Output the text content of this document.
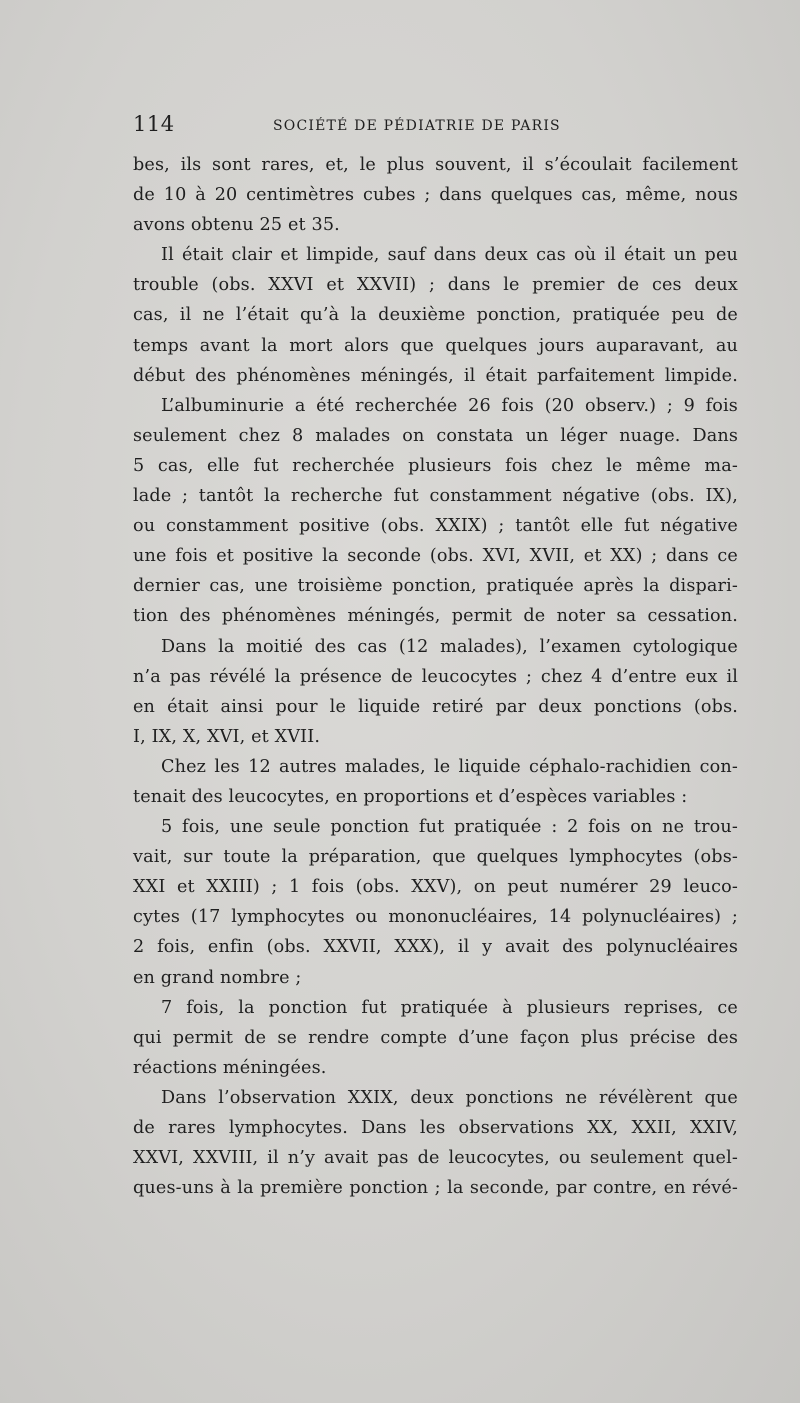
114	SOCIÉTÉ DE PÉDIATRIE DE PARIS
bes, ils sont rares, et, le plus souvent, il s’écoulait facilement
de 10 à 20 centimètres cubes ; dans quelques cas, même, nous
avons obtenu 25 et 35.
Il était clair et limpide, sauf dans deux cas où il était un peu
trouble (obs. XXVI et XXVII) ; dans le premier de ces deux
cas, il ne l’était qu’à la deuxième ponction, pratiquée peu de
temps avant la mort alors que quelques jours auparavant, au
début des phénomènes méningés, il était parfaitement limpide.
L’albuminurie a été recherchée 26 fois (20 observ.) ; 9 fois
seulement chez 8 malades on constata un léger nuage. Dans
5 cas, elle fut recherchée plusieurs fois chez le même ma-
lade ; tantôt la recherche fut constamment négative (obs. IX),
ou constamment positive (obs. XXIX) ; tantôt elle fut négative
une fois et positive la seconde (obs. XVI, XVII, et XX) ; dans ce
dernier cas, une troisième ponction, pratiquée après la dispari-
tion des phénomènes méningés, permit de noter sa cessation.
Dans la moitié des cas (12 malades), l’examen cytologique
n’a pas révélé la présence de leucocytes ; chez 4 d’entre eux il
en était ainsi pour le liquide retiré par deux ponctions (obs.
I, IX, X, XVI, et XVII.
Chez les 12 autres malades, le liquide céphalo-rachidien con-
tenait des leucocytes, en proportions et d’espèces variables :
5 fois, une seule ponction fut pratiquée : 2 fois on ne trou-
vait, sur toute la préparation, que quelques lymphocytes (obs-
XXI et XXIII) ; 1 fois (obs. XXV), on peut numérer 29 leuco-
cytes (17 lymphocytes ou mononucléaires, 14 polynucléaires) ;
2 fois, enfin (obs. XXVII, XXX), il y avait des polynucléaires
en grand nombre ;
7 fois, la ponction fut pratiquée à plusieurs reprises, ce
qui permit de se rendre compte d’une façon plus précise des
réactions méningées.
Dans l’observation XXIX, deux ponctions ne révélèrent que
de rares lymphocytes. Dans les observations XX, XXII, XXIV,
XXVI, XXVIII, il n’y avait pas de leucocytes, ou seulement quel-
ques-uns à la première ponction ; la seconde, par contre, en révé-
